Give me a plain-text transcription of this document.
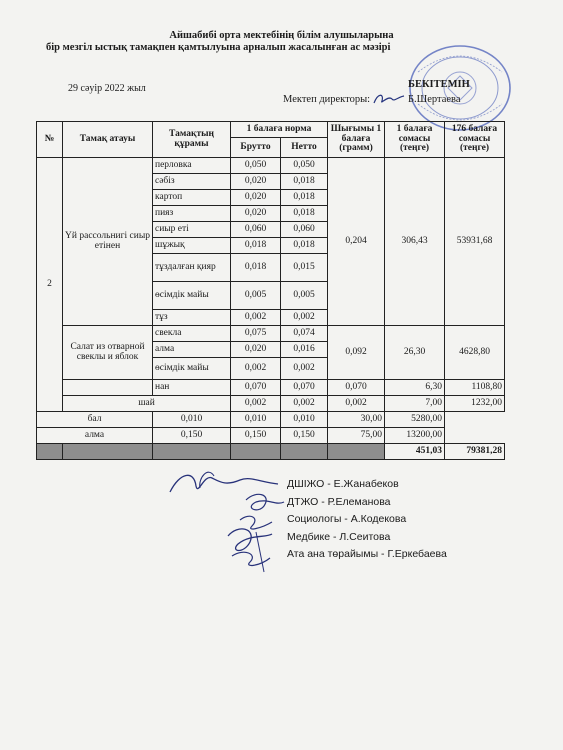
Айшабибі орта мектебінің білім алушыларына
бір мезгіл ыстық тамақпен қамтылуына арналып жасалынған ас мәзірі
29 сәуір 2022 жыл	БЕКІТЕМІН
Мектеп директоры:	Б.Шертаева
№	Тамақ атауы	Тамақтың құрамы	1 балаға норма		Шығымы 1 балаға (грамм)	1 балаға сомасы (теңге)	176 балаға сомасы (теңге)
			Брутто	Нетто			
2	Үй рассольнигі сиыр етінен	перловка	0,050	0,050	0,204	306,43	53931,68
		сәбіз	0,020	0,018			
		картоп	0,020	0,018			
		пияз	0,020	0,018			
		сиыр еті	0,060	0,060			
		шұжық	0,018	0,018			
		тұздалған қияр	0,018	0,015			
		өсімдік майы	0,005	0,005			
		тұз	0,002	0,002			
	Салат из отварной свеклы и яблок	свекла	0,075	0,074	0,092	26,30	4628,80
		алма	0,020	0,016			
		өсімдік майы	0,002	0,002			
		нан	0,070	0,070	0,070	6,30	1108,80
	шай		0,002	0,002	0,002	7,00	1232,00
бал		0,010	0,010	0,010	30,00	5280,00	
алма		0,150	0,150	0,150	75,00	13200,00	
						451,03	79381,28
ДШІЖО - Е.Жанабеков
ДТЖО - Р.Елеманова
Социологы - А.Кодекова
Медбике - Л.Сеитова
Ата ана төрайымы - Г.Еркебаева
